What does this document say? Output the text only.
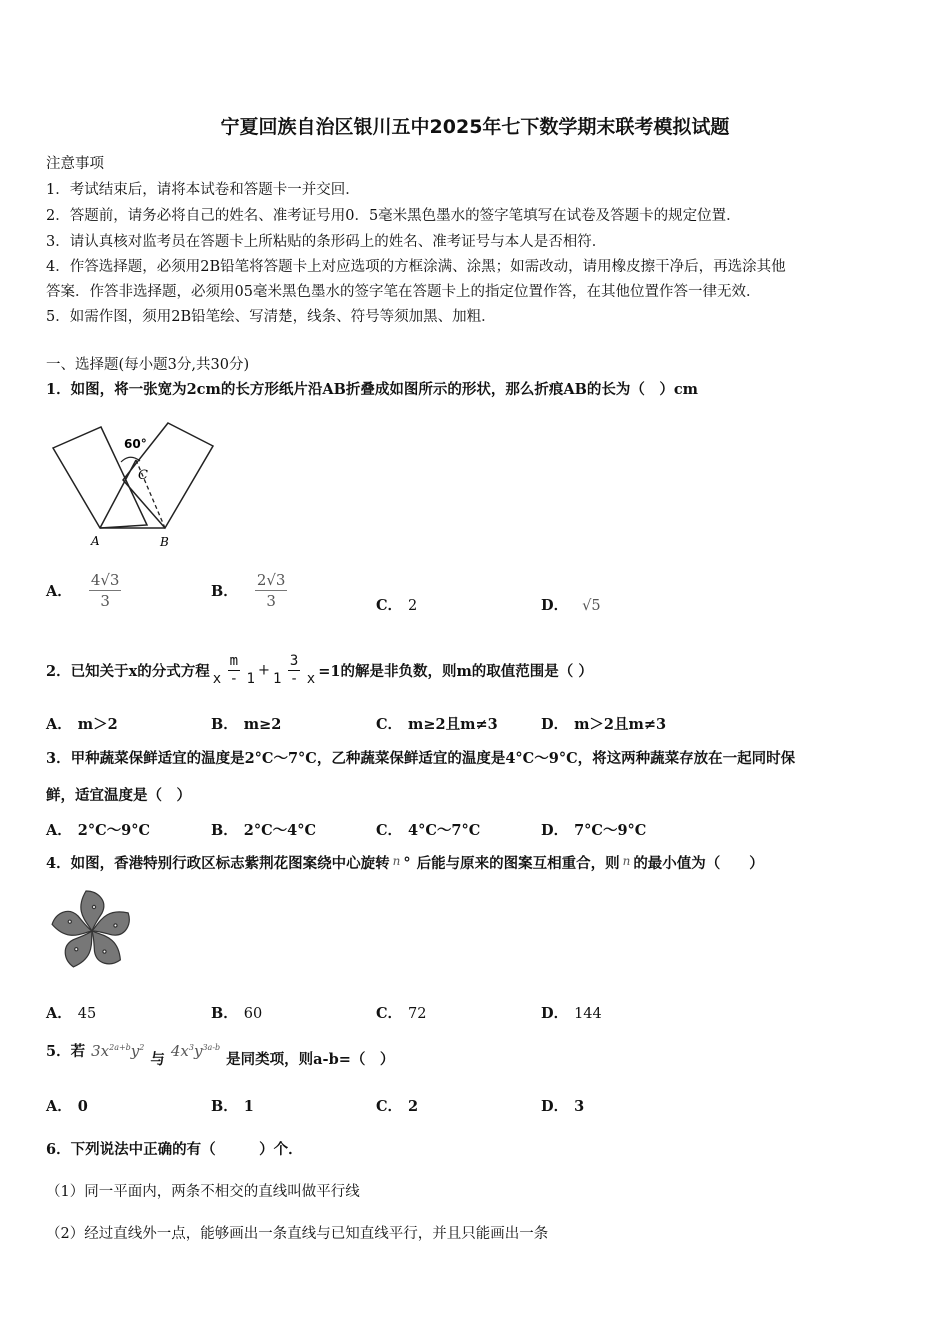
宁夏回族自治区银川五中2025年七下数学期末联考模拟试题
注意事项
1．考试结束后，请将本试卷和答题卡一并交回．
2．答题前，请务必将自己的姓名、准考证号用0．5毫米黑色墨水的签字笔填写在试卷及答题卡的规定位置．
3．请认真核对监考员在答题卡上所粘贴的条形码上的姓名、准考证号与本人是否相符．
4．作答选择题，必须用2B铅笔将答题卡上对应选项的方框涂满、涂黑；如需改动，请用橡皮擦干净后，再选涂其他
答案．作答非选择题，必须用05毫米黑色墨水的签字笔在答题卡上的指定位置作答，在其他位置作答一律无效．
5．如需作图，须用2B铅笔绘、写清楚，线条、符号等须加黑、加粗．
一、选择题(每小题3分,共30分)
1．如图，将一张宽为2cm的长方形纸片沿AB折叠成如图所示的形状，那么折痕AB的长为（　）cm
60°
C
A	B
A． $\frac{4√3}{3}$	B． $\frac{2√3}{3}$	C． 2	D． √5
2．已知关于x的分式方程 $\frac{m}{x - 1} + \frac{3}{1 - x} =1$的解是非负数，则m的取值范围是（ ）
A． m＞2	B． m≥2	C． m≥2且m≠3	D． m＞2且m≠3
3．甲种蔬菜保鲜适宜的温度是2°C～7°C，乙种蔬菜保鲜适宜的温度是4°C～9°C，将这两种蔬菜存放在一起同时保
鲜，适宜温度是（　）
A． 2°C～9°C	B． 2°C～4°C	C． 4°C～7°C	D． 7°C～9°C
4．如图，香港特别行政区标志紫荆花图案绕中心旋转 $^n$ ° 后能与原来的图案互相重合，则 $^n$ 的最小值为（　　）
A． 45	B． 60	C． 72	D． 144
5．若 $3x^{2a+b}y^2$与 $4x^3y^{3a-b}$是同类项，则a-b=（　）
A． 0	B． 1	C． 2	D． 3
6．下列说法中正确的有（　　　）个．
（1）同一平面内，两条不相交的直线叫做平行线
（2）经过直线外一点，能够画出一条直线与已知直线平行，并且只能画出一条
